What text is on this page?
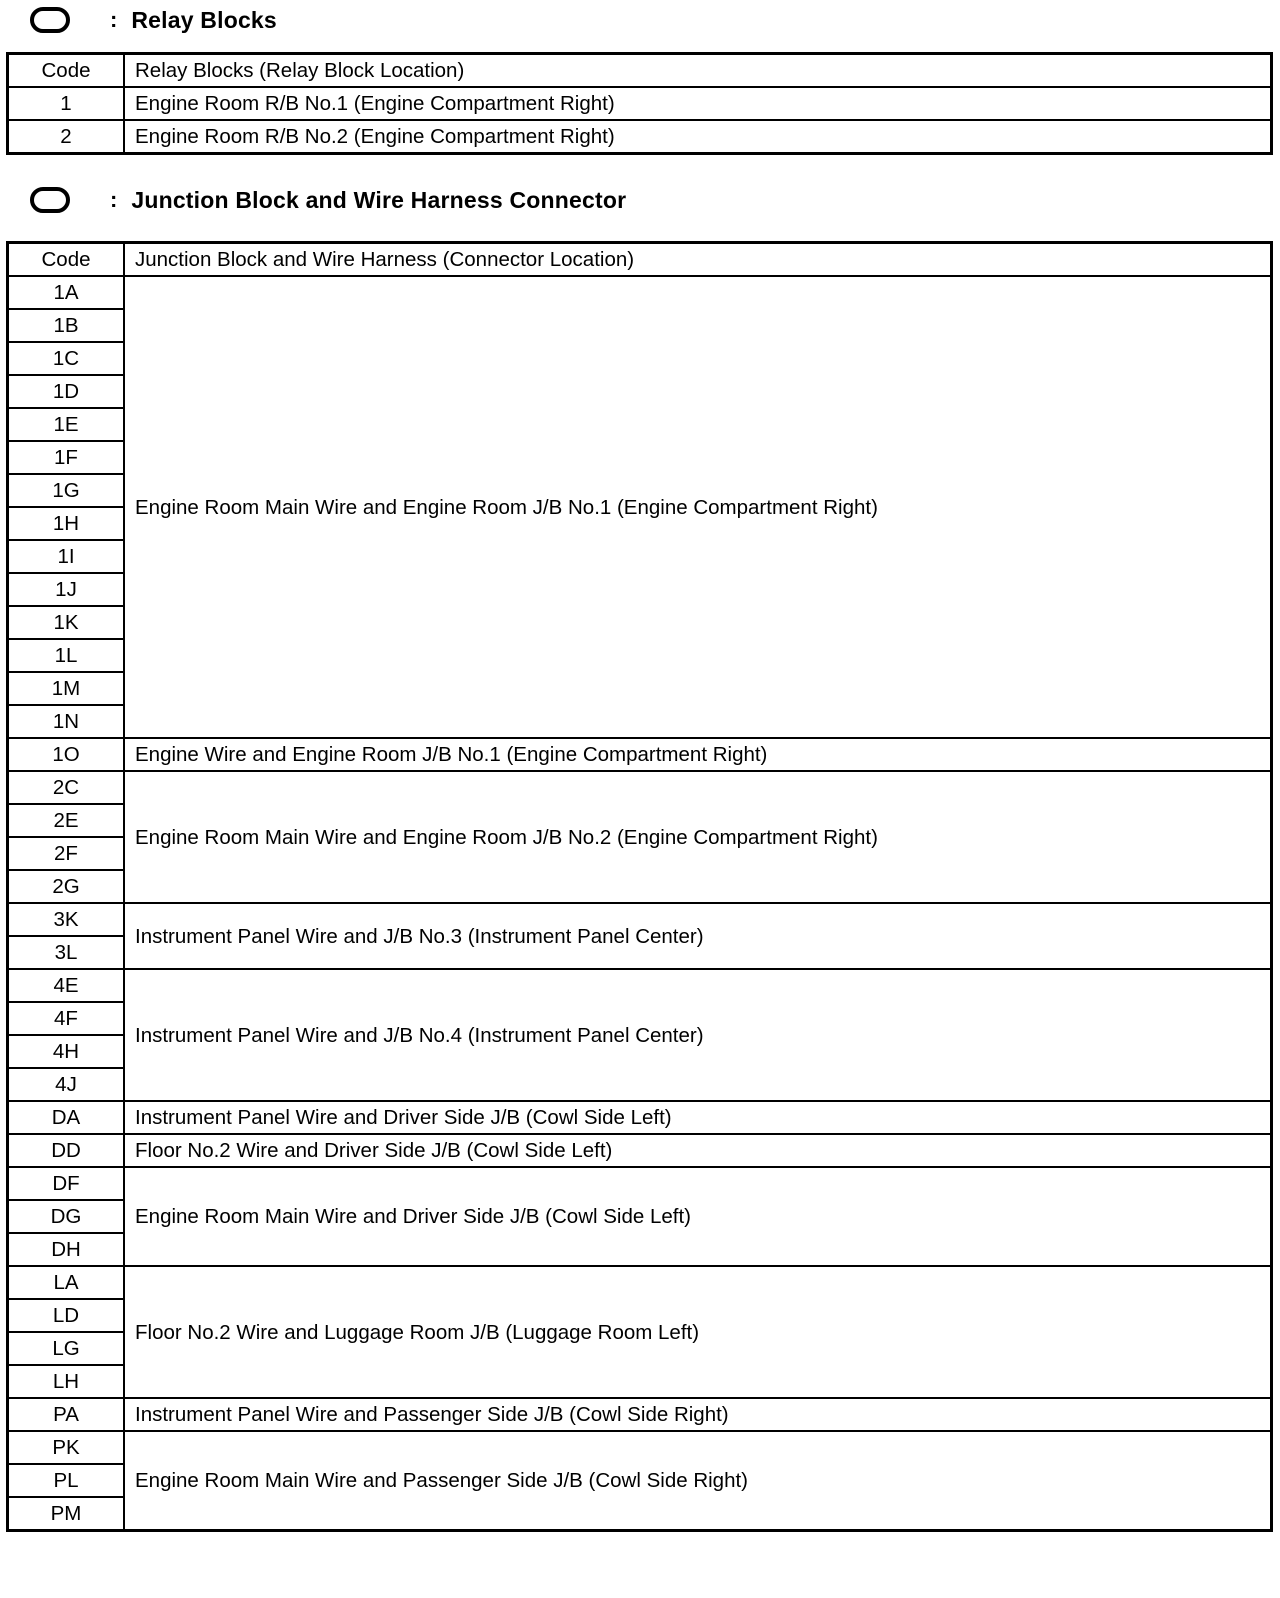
: Relay Blocks
Code	Relay Blocks (Relay Block Location)
1	Engine Room R/B No.1 (Engine Compartment Right)
2	Engine Room R/B No.2 (Engine Compartment Right)
: Junction Block and Wire Harness Connector
Code	Junction Block and Wire Harness (Connector Location)
1A	Engine Room Main Wire and Engine Room J/B No.1 (Engine Compartment Right)
1B	
1C	
1D	
1E	
1F	
1G	
1H	
1I	
1J	
1K	
1L	
1M	
1N	
1O	Engine Wire and Engine Room J/B No.1 (Engine Compartment Right)
2C	Engine Room Main Wire and Engine Room J/B No.2 (Engine Compartment Right)
2E	
2F	
2G	
3K	Instrument Panel Wire and J/B No.3 (Instrument Panel Center)
3L	
4E	Instrument Panel Wire and J/B No.4 (Instrument Panel Center)
4F	
4H	
4J	
DA	Instrument Panel Wire and Driver Side J/B (Cowl Side Left)
DD	Floor No.2 Wire and Driver Side J/B (Cowl Side Left)
DF	Engine Room Main Wire and Driver Side J/B (Cowl Side Left)
DG	
DH	
LA	Floor No.2 Wire and Luggage Room J/B (Luggage Room Left)
LD	
LG	
LH	
PA	Instrument Panel Wire and Passenger Side J/B (Cowl Side Right)
PK	Engine Room Main Wire and Passenger Side J/B (Cowl Side Right)
PL	
PM	
